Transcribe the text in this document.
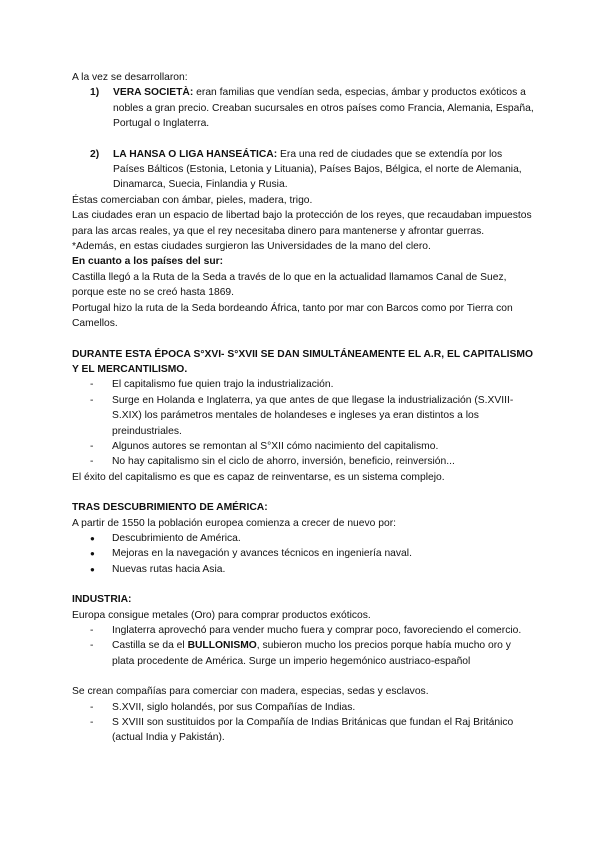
A la vez se desarrollaron:

1)	VERA SOCIETÀ: eran familias que vendían seda, especias, ámbar y productos exóticos a nobles a gran precio. Creaban sucursales en otros países como Francia, Alemania, España, Portugal o Inglaterra.
2)	LA HANSA O LIGA HANSEÁTICA: Era una red de ciudades que se extendía por los Países Bálticos (Estonia, Letonia y Lituania), Países Bajos, Bélgica, el norte de Alemania, Dinamarca, Suecia, Finlandia y Rusia.

Éstas comerciaban con ámbar, pieles, madera, trigo.

Las ciudades eran un espacio de libertad bajo la protección de los reyes, que recaudaban impuestos para las arcas reales, ya que el rey necesitaba dinero para mantenerse y afrontar guerras.

*Además, en estas ciudades surgieron las Universidades de la mano del clero.

En cuanto a los países del sur:

Castilla llegó a la Ruta de la Seda a través de lo que en la actualidad llamamos Canal de Suez, porque este no se creó hasta 1869.

Portugal hizo la ruta de la Seda bordeando África, tanto por mar con Barcos como por Tierra con Camellos.

DURANTE ESTA ÉPOCA S°XVI- S°XVII SE DAN SIMULTÁNEAMENTE EL A.R, EL CAPITALISMO Y EL MERCANTILISMO.

-	El capitalismo fue quien trajo la industrialización.
-	Surge en Holanda e Inglaterra, ya que antes de que llegase la industrialización (S.XVIII- S.XIX) los parámetros mentales de holandeses e ingleses ya eran distintos a los preindustriales.
-	Algunos autores se remontan al S°XII cómo nacimiento del capitalismo.
-	No hay capitalismo sin el ciclo de ahorro, inversión, beneficio, reinversión...

El éxito del capitalismo es que es capaz de reinventarse, es un sistema complejo.

TRAS DESCUBRIMIENTO DE AMÉRICA:

A partir de 1550 la población europea comienza a crecer de nuevo por:

●	Descubrimiento de América.
●	Mejoras en la navegación y avances técnicos en ingeniería naval.
●	Nuevas rutas hacia Asia.

INDUSTRIA:

Europa consigue metales (Oro) para comprar productos exóticos.

-	Inglaterra aprovechó para vender mucho fuera y comprar poco, favoreciendo el comercio.
-	Castilla se da el BULLONISMO, subieron mucho los precios porque había mucho oro y plata procedente de América. Surge un imperio hegemónico austriaco-español

Se crean compañías para comerciar con madera, especias, sedas y esclavos.

-	S.XVII, siglo holandés, por sus Compañías de Indias.
-	S XVIII son sustituidos por la Compañía de Indias Británicas que fundan el Raj Británico (actual India y Pakistán).
